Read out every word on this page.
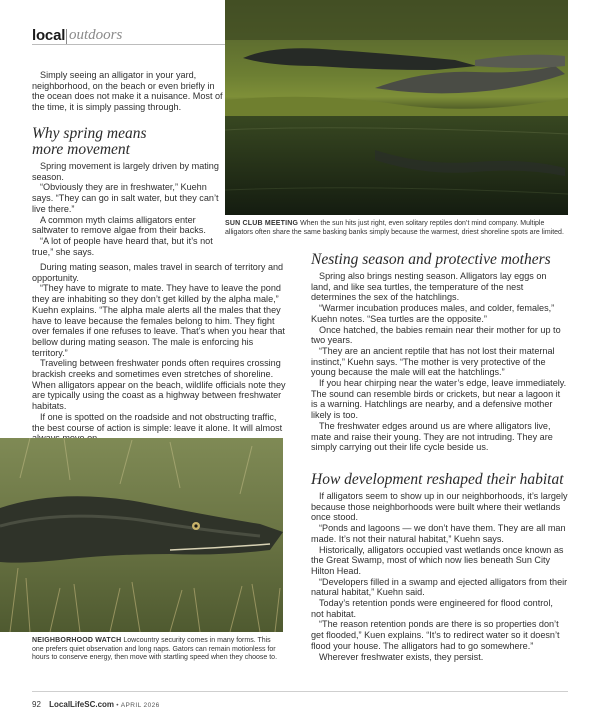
local outdoors

Simply seeing an alligator in your yard, neighborhood, on the beach or even briefly in the ocean does not make it a nuisance. Most of the time, it is simply passing through.

Why spring means
more movement

Spring movement is largely driven by mating season.

“Obviously they are in freshwater,” Kuehn says. “They can go in salt water, but they can’t live there.”

A common myth claims alligators enter saltwater to remove algae from their backs.

“A lot of people have heard that, but it’s not true,” she says.

During mating season, males travel in search of territory and opportunity.

“They have to migrate to mate. They have to leave the pond they are inhabiting so they don’t get killed by the alpha male,” Kuehn explains. “The alpha male alerts all the males that they have to leave because the females belong to him. They fight over females if one refuses to leave. That’s when you hear that bellow during mating season. The male is enforcing his territory.”

Traveling between freshwater ponds often requires crossing brackish creeks and sometimes even stretches of shoreline. When alligators appear on the beach, wildlife officials note they are typically using the coast as a highway between freshwater habitats.

If one is spotted on the roadside and not obstructing traffic, the best course of action is simple: leave it alone. It will almost

SUN CLUB MEETING When the sun hits just right, even solitary reptiles don’t mind company. Multiple alligators often share the same basking banks simply because the warmest, driest shoreline spots are limited.
Nesting season and protective mothers

Spring also brings nesting season. Alligators lay eggs on land, and like sea turtles, the temperature of the nest determines the sex of the hatchlings.

“Warmer incubation produces males, and colder, females,” Kuehn notes. “Sea turtles are the opposite.”

Once hatched, the babies remain near their mother for up to two years.

“They are an ancient reptile that has not lost their maternal instinct,” Kuehn says. “The mother is very protective of the young because the male will eat the hatchlings.”

If you hear chirping near the water’s edge, leave immediately. The sound can resemble birds or crickets, but near a lagoon it is a warning. Hatchlings are nearby, and a defensive mother likely is too.

The freshwater edges around us are where alligators live, mate and raise their young. They are not intruding. They are simply carrying out their life cycle beside us.

How development reshaped their habitat

If alligators seem to show up in our neighborhoods, it’s largely because those neighborhoods were built where their wetlands once stood.

“Ponds and lagoons — we don’t have them. They are all man made. It’s not their natural habitat,” Kuehn says.

Historically, alligators occupied vast wetlands once known as the Great Swamp, most of which now lies beneath Sun City Hilton Head.

“Developers filled in a swamp and ejected alligators from their natural habitat,” Kuehn said.

Today’s retention ponds were engineered for flood control, not habitat.

“The reason retention ponds are there is so properties don’t get flooded,” Kuen explains. “It’s to redirect water so it doesn’t flood your house. The alligators had to go somewhere.”

Wherever freshwater exists, they persist.

NEIGHBORHOOD WATCH Lowcountry security comes in many forms. This one prefers quiet observation and long naps. Gators can remain motionless for hours to conserve energy, then move with startling speed when they choose to.
92 LocalLifeSC.com • APRIL 2026
